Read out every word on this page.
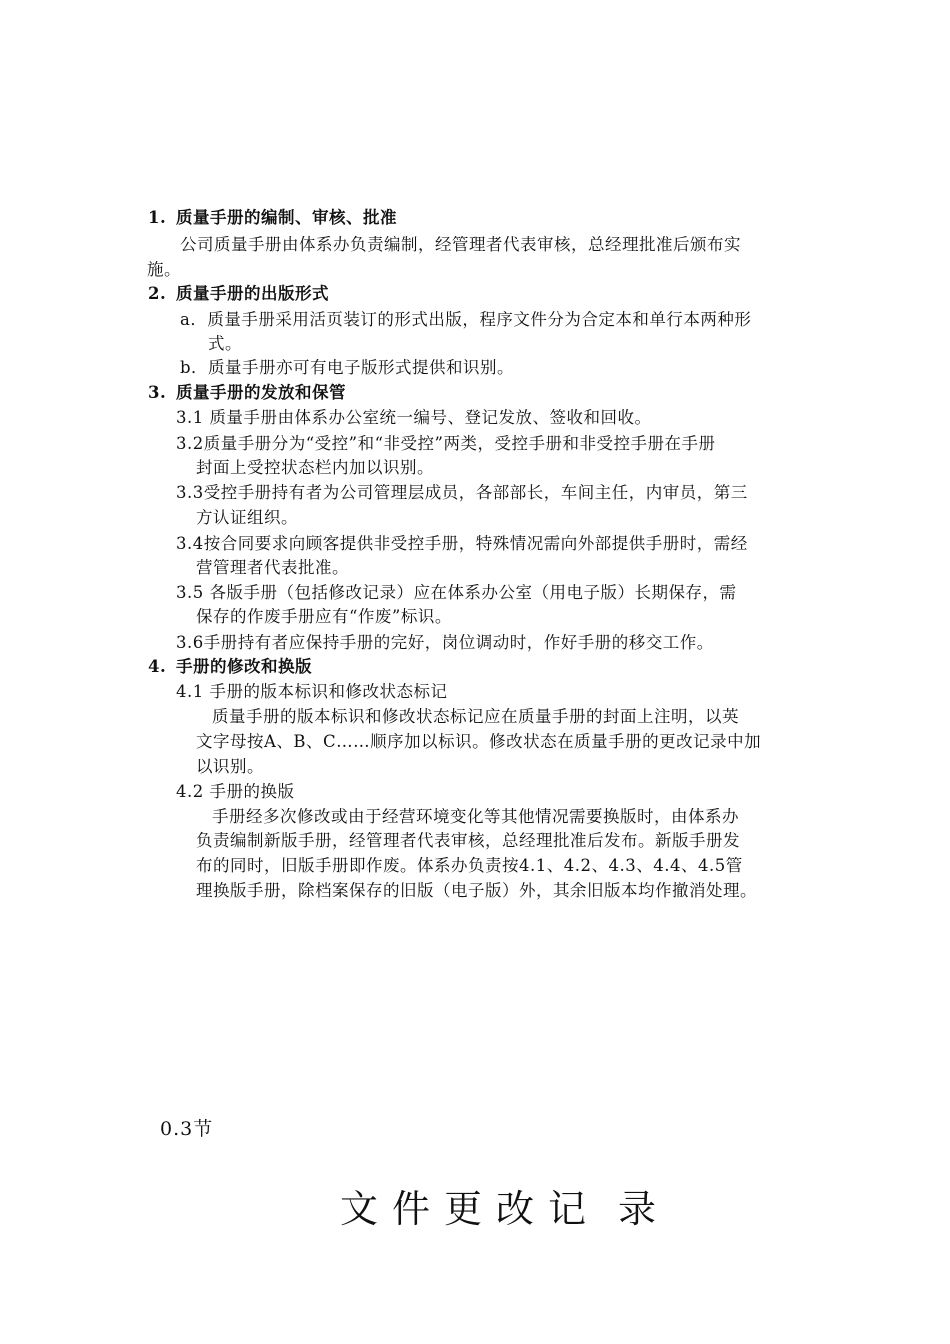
1. 质量手册的编制、审核、批准
公司质量手册由体系办负责编制，经管理者代表审核，总经理批准后颁布实
施。
2. 质量手册的出版形式
a．质量手册采用活页装订的形式出版，程序文件分为合定本和单行本两种形
式。
b．质量手册亦可有电子版形式提供和识别。
3. 质量手册的发放和保管
3.1 质量手册由体系办公室统一编号、登记发放、签收和回收。
3.2质量手册分为“受控”和“非受控”两类，受控手册和非受控手册在手册
封面上受控状态栏内加以识别。
3.3受控手册持有者为公司管理层成员，各部部长，车间主任，内审员，第三
方认证组织。
3.4按合同要求向顾客提供非受控手册，特殊情况需向外部提供手册时，需经
营管理者代表批准。
3.5 各版手册（包括修改记录）应在体系办公室（用电子版）长期保存，需
保存的作废手册应有“作废”标识。
3.6手册持有者应保持手册的完好，岗位调动时，作好手册的移交工作。
4. 手册的修改和换版
4.1 手册的版本标识和修改状态标记
质量手册的版本标识和修改状态标记应在质量手册的封面上注明，以英
文字母按A、B、C……顺序加以标识。修改状态在质量手册的更改记录中加
以识别。
4.2 手册的换版
手册经多次修改或由于经营环境变化等其他情况需要换版时，由体系办
负责编制新版手册，经管理者代表审核，总经理批准后发布。新版手册发
布的同时，旧版手册即作废。体系办负责按4.1、4.2、4.3、4.4、4.5管
理换版手册，除档案保存的旧版（电子版）外，其余旧版本均作撤消处理。
0.3节
文件更改记 录
